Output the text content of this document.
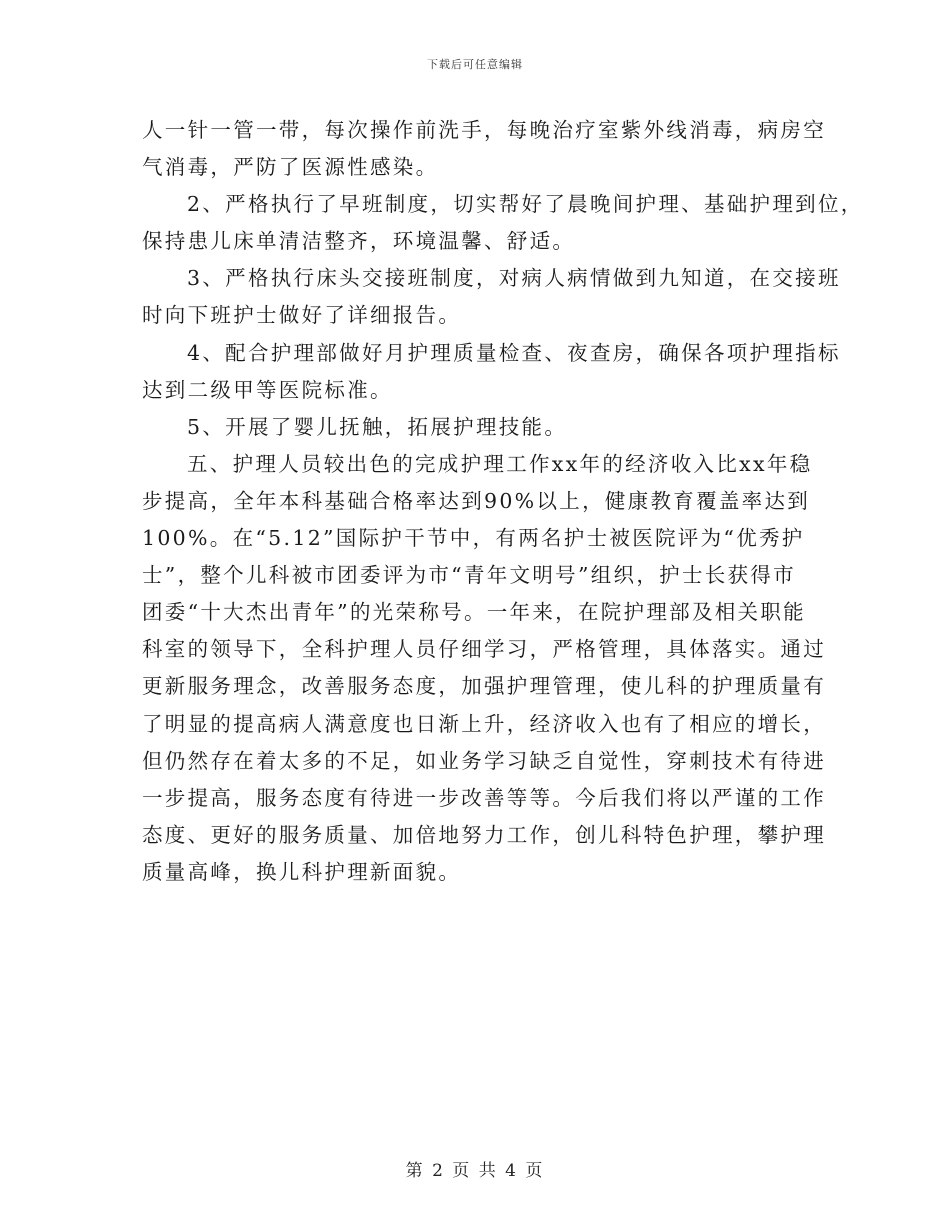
下载后可任意编辑
人一针一管一带，每次操作前洗手，每晚治疗室紫外线消毒，病房空
气消毒，严防了医源性感染。
2、严格执行了早班制度，切实帮好了晨晚间护理、基础护理到位，
保持患儿床单清洁整齐，环境温馨、舒适。
3、严格执行床头交接班制度，对病人病情做到九知道，在交接班
时向下班护士做好了详细报告。
4、配合护理部做好月护理质量检查、夜查房，确保各项护理指标
达到二级甲等医院标准。
5、开展了婴儿抚触，拓展护理技能。
五、护理人员较出色的完成护理工作xx年的经济收入比xx年稳
步提高，全年本科基础合格率达到90%以上，健康教育覆盖率达到
100%。在“5.12”国际护干节中，有两名护士被医院评为“优秀护
士”，整个儿科被市团委评为市“青年文明号”组织，护士长获得市
团委“十大杰出青年”的光荣称号。一年来，在院护理部及相关职能
科室的领导下，全科护理人员仔细学习，严格管理，具体落实。通过
更新服务理念，改善服务态度，加强护理管理，使儿科的护理质量有
了明显的提高病人满意度也日渐上升，经济收入也有了相应的增长，
但仍然存在着太多的不足，如业务学习缺乏自觉性，穿刺技术有待进
一步提高，服务态度有待进一步改善等等。今后我们将以严谨的工作
态度、更好的服务质量、加倍地努力工作，创儿科特色护理，攀护理
质量高峰，换儿科护理新面貌。
第 2 页 共 4 页
